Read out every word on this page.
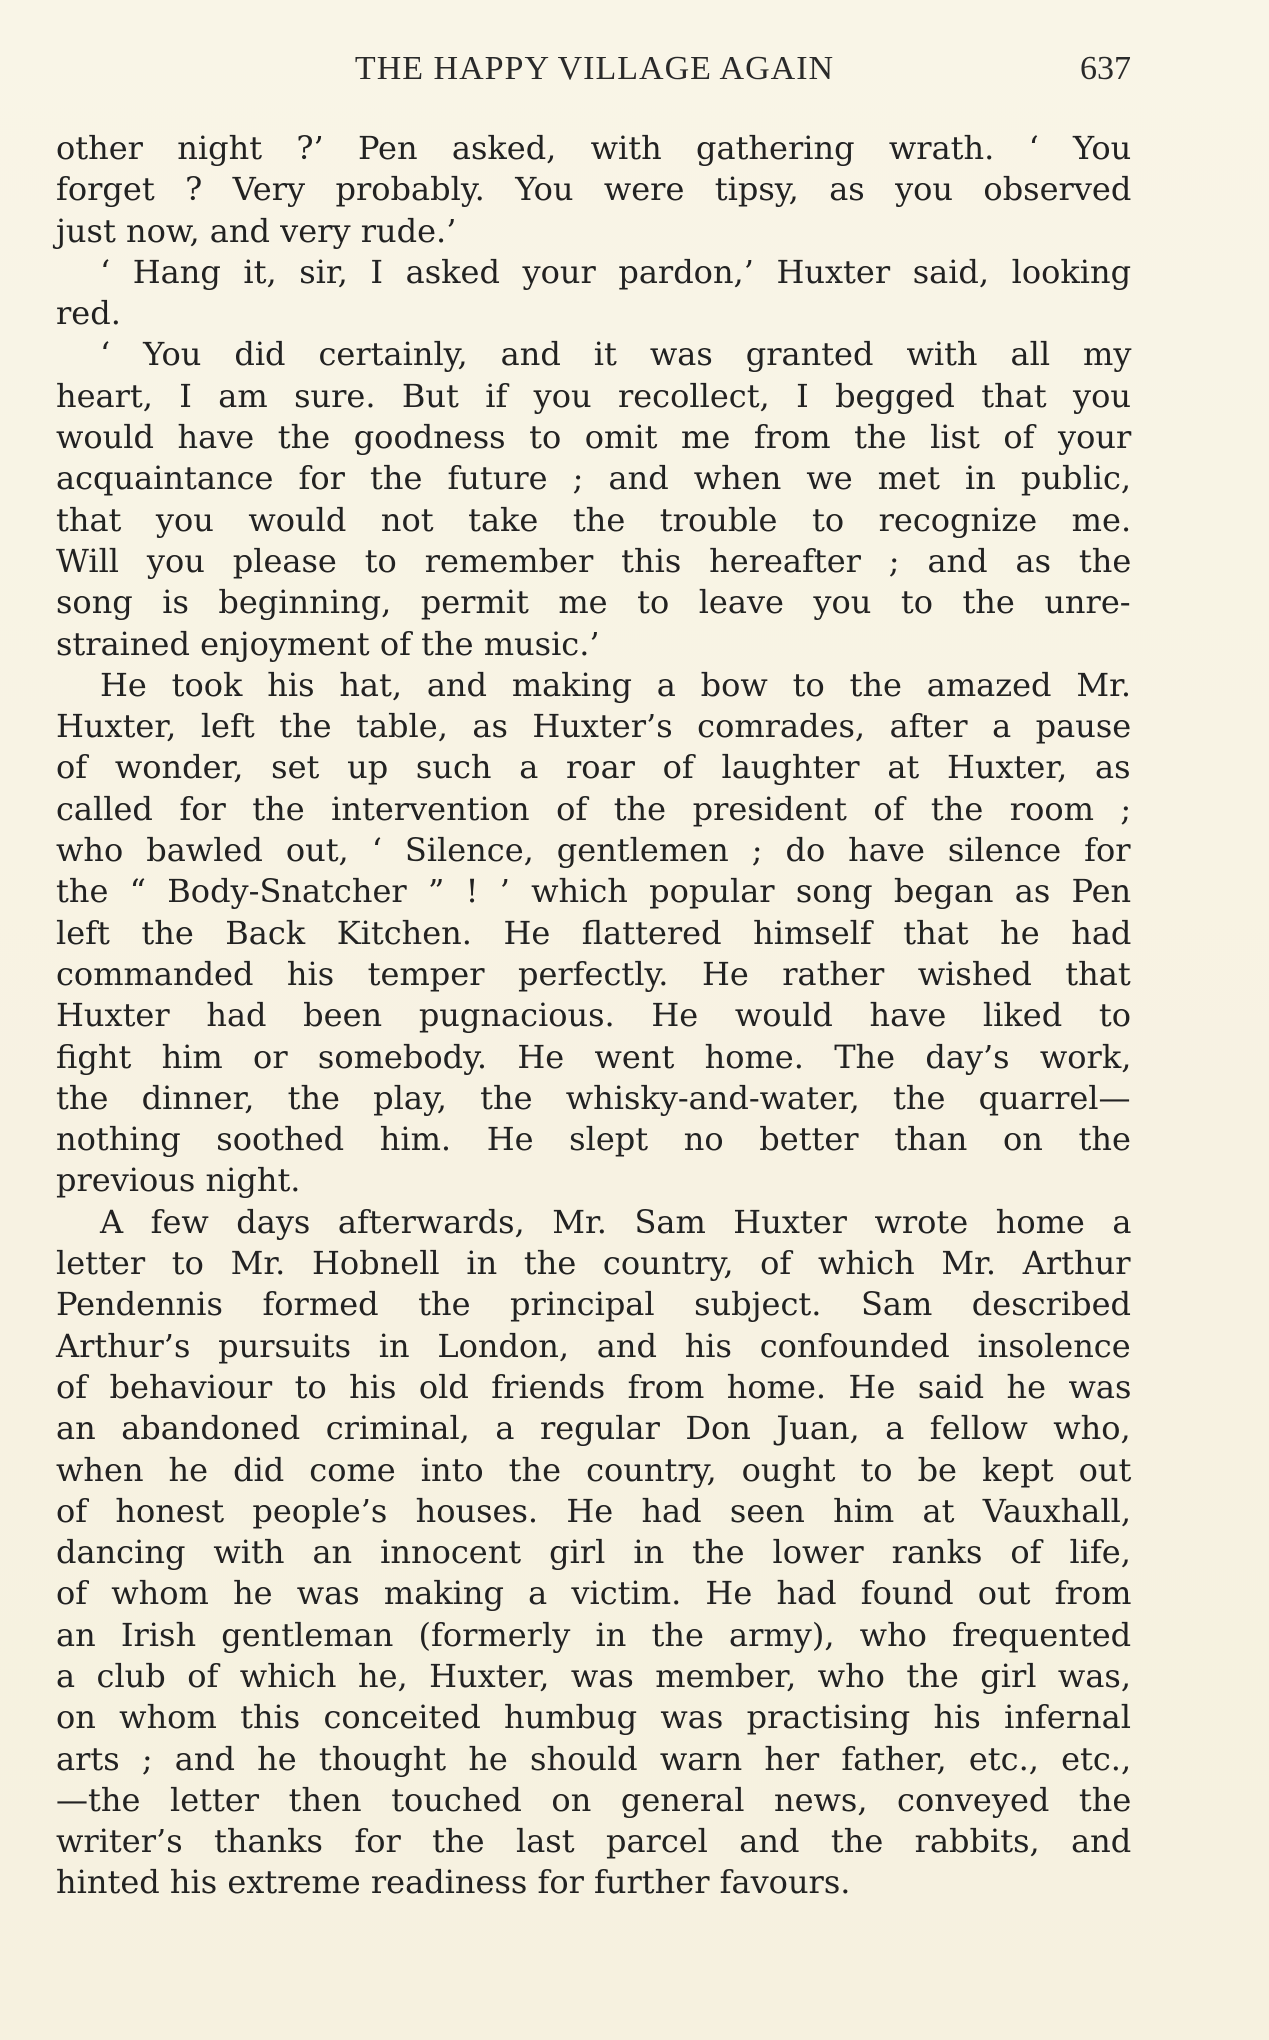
THE HAPPY VILLAGE AGAIN	637
other night ?’ Pen asked, with gathering wrath. ‘ You
forget ? Very probably. You were tipsy, as you observed
just now, and very rude.’
‘ Hang it, sir, I asked your pardon,’ Huxter said, looking
red.
‘ You did certainly, and it was granted with all my
heart, I am sure. But if you recollect, I begged that you
would have the goodness to omit me from the list of your
acquaintance for the future ; and when we met in public,
that you would not take the trouble to recognize me.
Will you please to remember this hereafter ; and as the
song is beginning, permit me to leave you to the unre-
strained enjoyment of the music.’
He took his hat, and making a bow to the amazed Mr.
Huxter, left the table, as Huxter’s comrades, after a pause
of wonder, set up such a roar of laughter at Huxter, as
called for the intervention of the president of the room ;
who bawled out, ‘ Silence, gentlemen ; do have silence for
the “ Body-Snatcher ” ! ’ which popular song began as Pen
left the Back Kitchen. He flattered himself that he had
commanded his temper perfectly. He rather wished that
Huxter had been pugnacious. He would have liked to
fight him or somebody. He went home. The day’s work,
the dinner, the play, the whisky-and-water, the quarrel—
nothing soothed him. He slept no better than on the
previous night.
A few days afterwards, Mr. Sam Huxter wrote home a
letter to Mr. Hobnell in the country, of which Mr. Arthur
Pendennis formed the principal subject. Sam described
Arthur’s pursuits in London, and his confounded insolence
of behaviour to his old friends from home. He said he was
an abandoned criminal, a regular Don Juan, a fellow who,
when he did come into the country, ought to be kept out
of honest people’s houses. He had seen him at Vauxhall,
dancing with an innocent girl in the lower ranks of life,
of whom he was making a victim. He had found out from
an Irish gentleman (formerly in the army), who frequented
a club of which he, Huxter, was member, who the girl was,
on whom this conceited humbug was practising his infernal
arts ; and he thought he should warn her father, etc., etc.,
—the letter then touched on general news, conveyed the
writer’s thanks for the last parcel and the rabbits, and
hinted his extreme readiness for further favours.
